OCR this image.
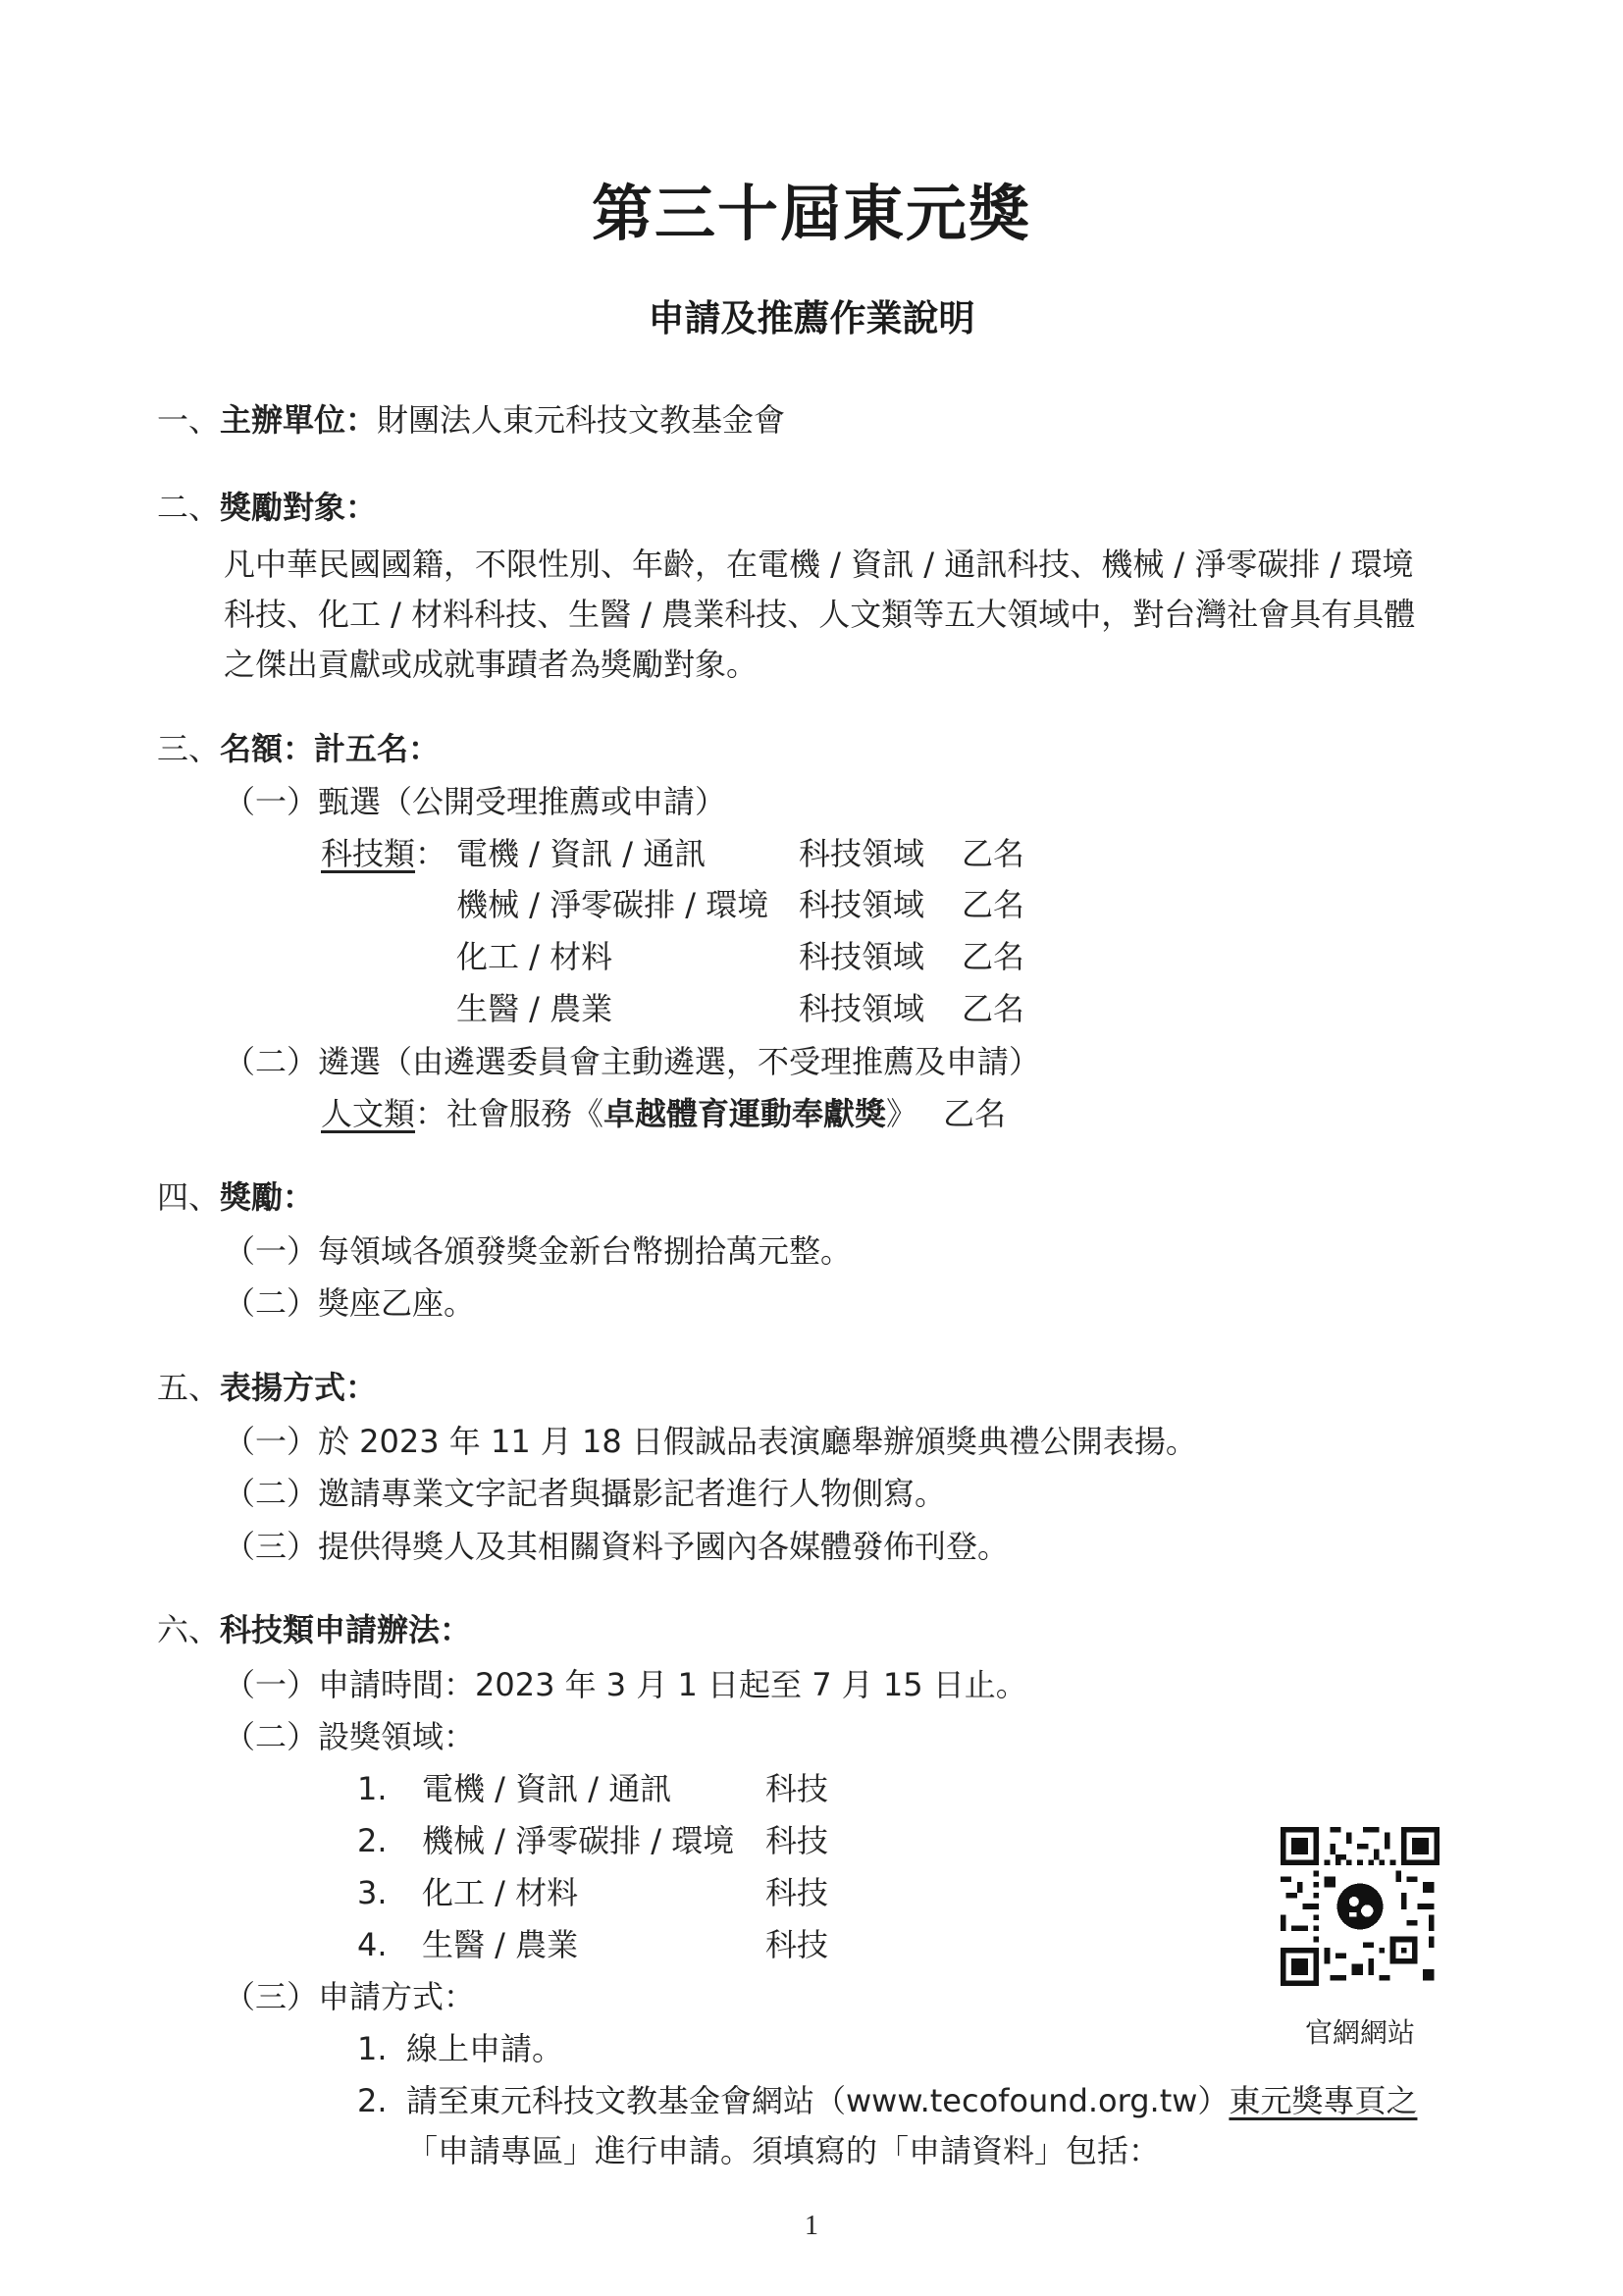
第三十屆東元獎
申請及推薦作業說明
一、主辦單位：財團法人東元科技文教基金會
二、獎勵對象：
凡中華民國國籍，不限性別、年齡，在電機 / 資訊 / 通訊科技、機械 / 淨零碳排 / 環境
科技、化工 / 材料科技、生醫 / 農業科技、人文類等五大領域中，對台灣社會具有具體
之傑出貢獻或成就事蹟者為獎勵對象。
三、名額：計五名：
（一）甄選（公開受理推薦或申請）
科技類： 電機 / 資訊 / 通訊	科技領域 乙名
機械 / 淨零碳排 / 環境 科技領域 乙名
化工 / 材料	科技領域 乙名
生醫 / 農業	科技領域 乙名
（二）遴選（由遴選委員會主動遴選，不受理推薦及申請）
人文類：社會服務《卓越體育運動奉獻獎》 乙名
四、獎勵：
（一）每領域各頒發獎金新台幣捌拾萬元整。
（二）獎座乙座。
五、表揚方式：
（一）於 2023 年 11 月 18 日假誠品表演廳舉辦頒獎典禮公開表揚。
（二）邀請專業文字記者與攝影記者進行人物側寫。
（三）提供得獎人及其相關資料予國內各媒體發佈刊登。
六、科技類申請辦法：
（一）申請時間：2023 年 3 月 1 日起至 7 月 15 日止。
（二）設獎領域：
1. 電機 / 資訊 / 通訊	科技
2. 機械 / 淨零碳排 / 環境 科技
3. 化工 / 材料	科技
4. 生醫 / 農業	科技
（三）申請方式：
1. 線上申請。
2. 請至東元科技文教基金會網站（www.tecofound.org.tw）東元獎專頁之
「申請專區」進行申請。須填寫的「申請資料」包括：
官網網站
1
